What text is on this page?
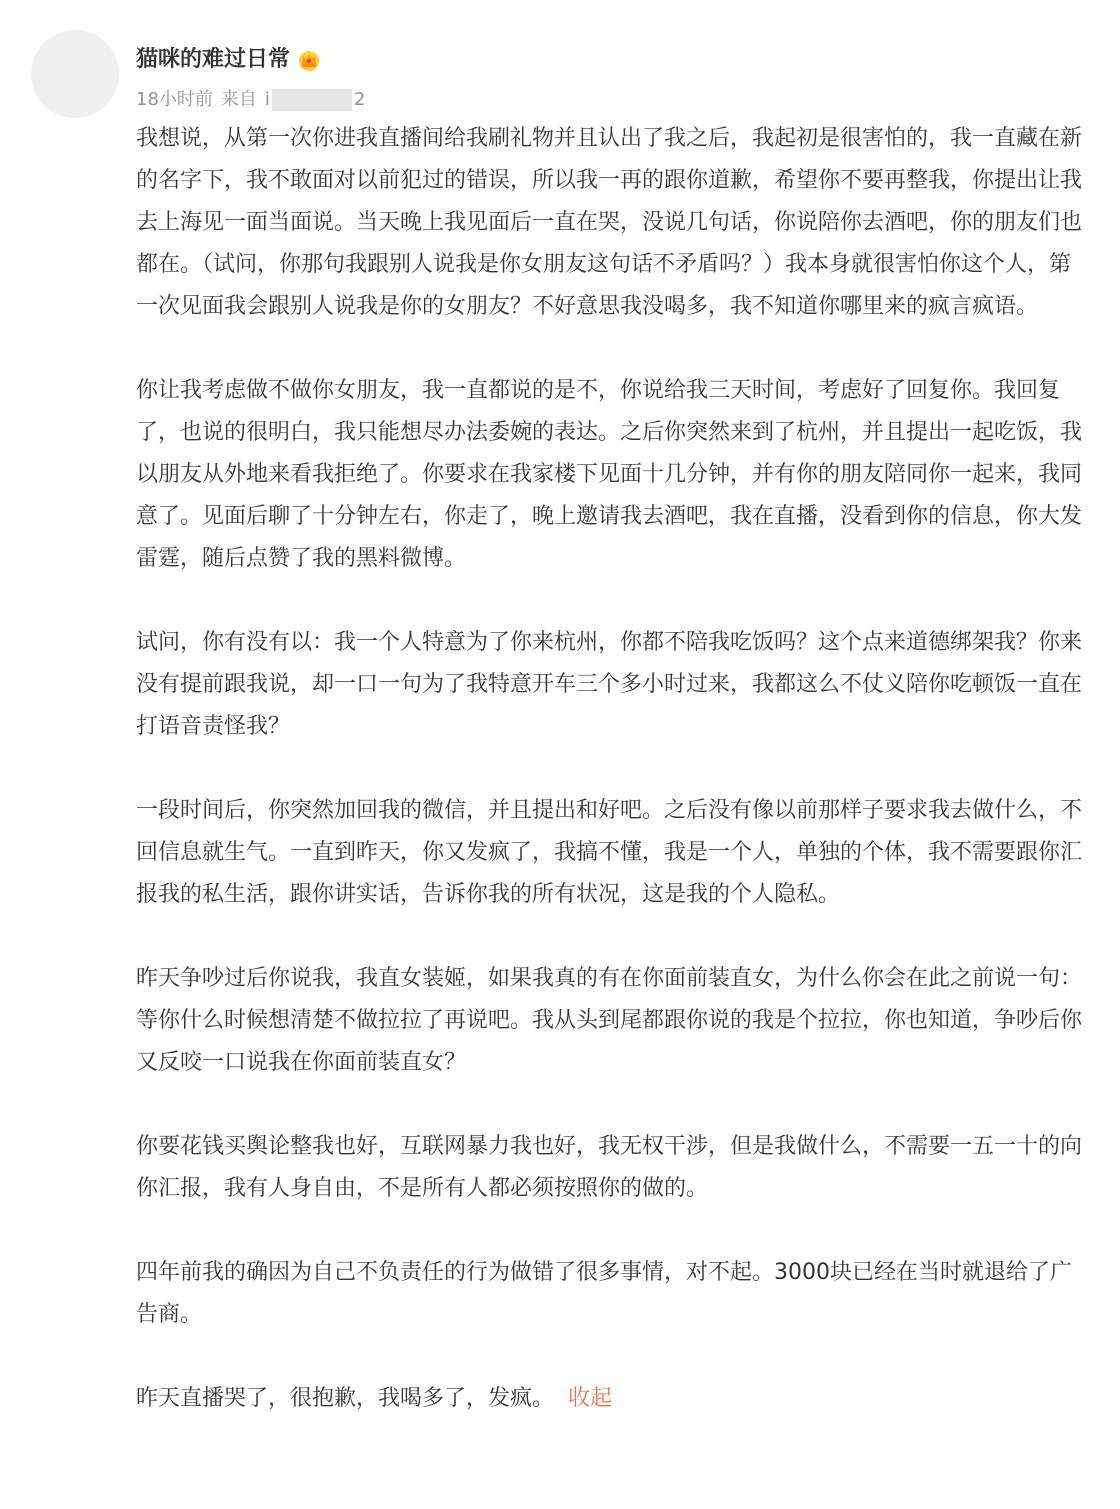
猫咪的难过日常
18小时前 来自 i	2

我想说，从第一次你进我直播间给我刷礼物并且认出了我之后，我起初是很害怕的，我一直藏在新的名字下，我不敢面对以前犯过的错误，所以我一再的跟你道歉，希望你不要再整我，你提出让我去上海见一面当面说。当天晚上我见面后一直在哭，没说几句话，你说陪你去酒吧，你的朋友们也都在。（试问，你那句我跟别人说我是你女朋友这句话不矛盾吗？）我本身就很害怕你这个人，第一次见面我会跟别人说我是你的女朋友？不好意思我没喝多，我不知道你哪里来的疯言疯语。

你让我考虑做不做你女朋友，我一直都说的是不，你说给我三天时间，考虑好了回复你。我回复了，也说的很明白，我只能想尽办法委婉的表达。之后你突然来到了杭州，并且提出一起吃饭，我以朋友从外地来看我拒绝了。你要求在我家楼下见面十几分钟，并有你的朋友陪同你一起来，我同意了。见面后聊了十分钟左右，你走了，晚上邀请我去酒吧，我在直播，没看到你的信息，你大发雷霆，随后点赞了我的黑料微博。

试问，你有没有以：我一个人特意为了你来杭州，你都不陪我吃饭吗？这个点来道德绑架我？你来没有提前跟我说，却一口一句为了我特意开车三个多小时过来，我都这么不仗义陪你吃顿饭一直在打语音责怪我？

一段时间后，你突然加回我的微信，并且提出和好吧。之后没有像以前那样子要求我去做什么，不回信息就生气。一直到昨天，你又发疯了，我搞不懂，我是一个人，单独的个体，我不需要跟你汇报我的私生活，跟你讲实话，告诉你我的所有状况，这是我的个人隐私。

昨天争吵过后你说我，我直女装姬，如果我真的有在你面前装直女，为什么你会在此之前说一句：等你什么时候想清楚不做拉拉了再说吧。我从头到尾都跟你说的我是个拉拉，你也知道，争吵后你又反咬一口说我在你面前装直女？

你要花钱买舆论整我也好，互联网暴力我也好，我无权干涉，但是我做什么，不需要一五一十的向你汇报，我有人身自由，不是所有人都必须按照你的做的。

四年前我的确因为自己不负责任的行为做错了很多事情，对不起。3000块已经在当时就退给了广告商。

昨天直播哭了，很抱歉，我喝多了，发疯。 收起
